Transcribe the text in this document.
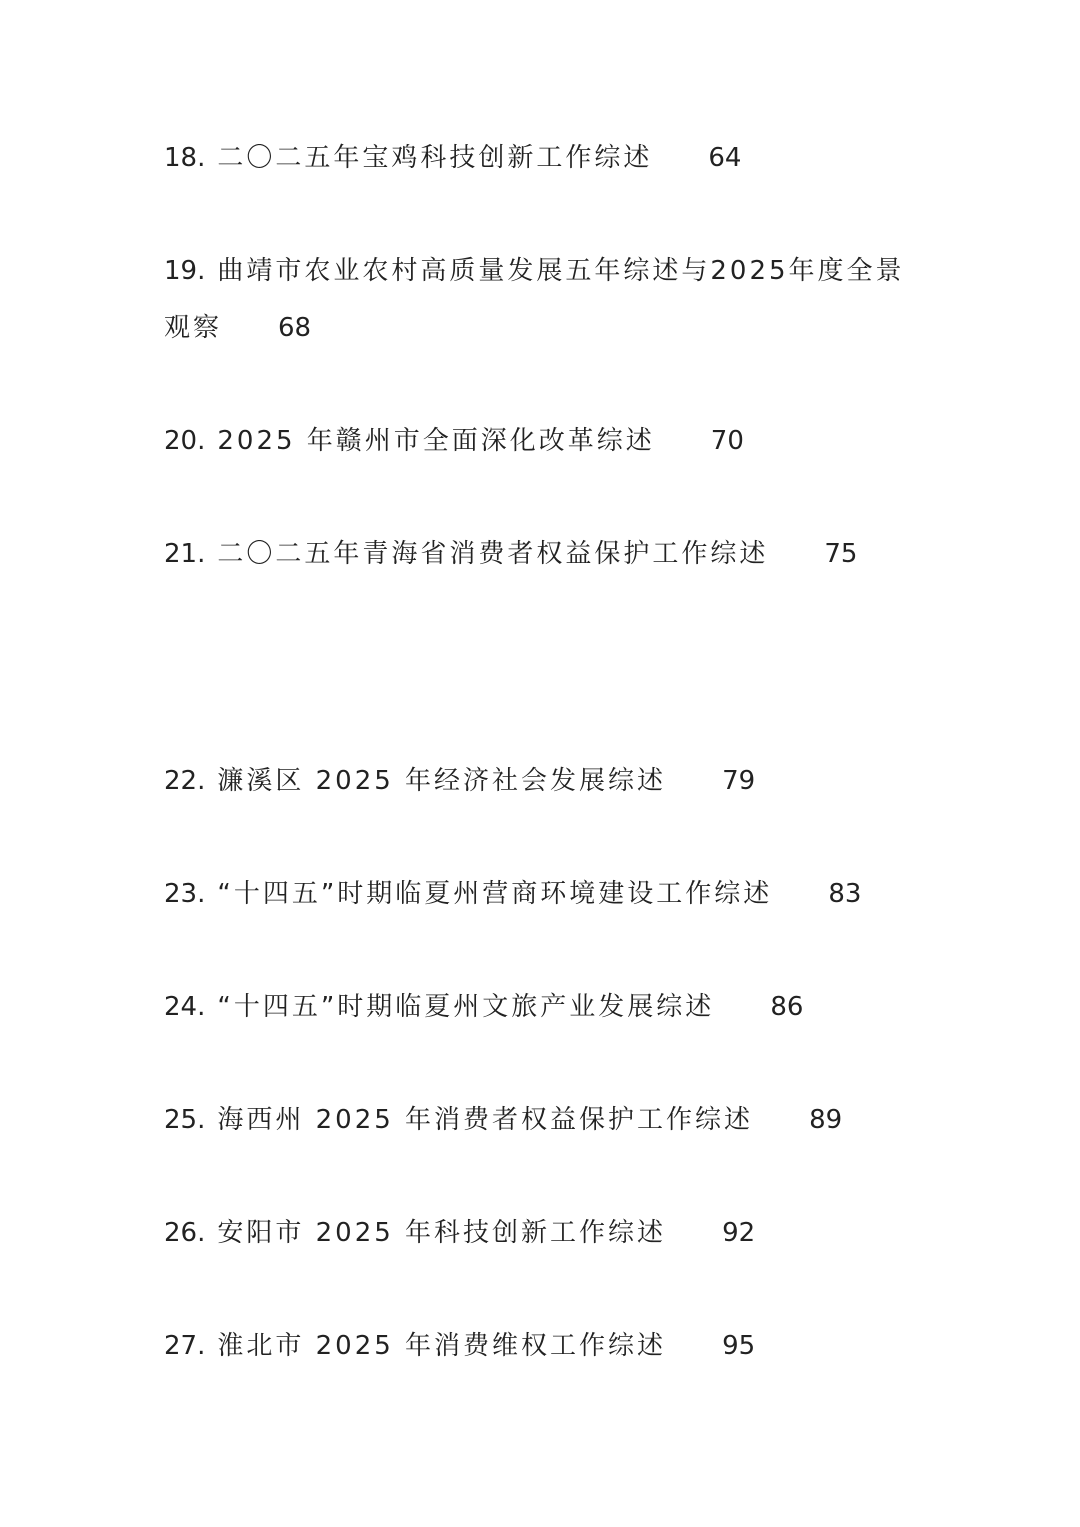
18. 二〇二五年宝鸡科技创新工作综述 64
19. 曲靖市农业农村高质量发展五年综述与2025年度全景
观察 68
20. 2025 年赣州市全面深化改革综述 70
21. 二〇二五年青海省消费者权益保护工作综述 75
22. 濂溪区 2025 年经济社会发展综述 79
23. “十四五”时期临夏州营商环境建设工作综述 83
24. “十四五”时期临夏州文旅产业发展综述 86
25. 海西州 2025 年消费者权益保护工作综述 89
26. 安阳市 2025 年科技创新工作综述 92
27. 淮北市 2025 年消费维权工作综述 95
